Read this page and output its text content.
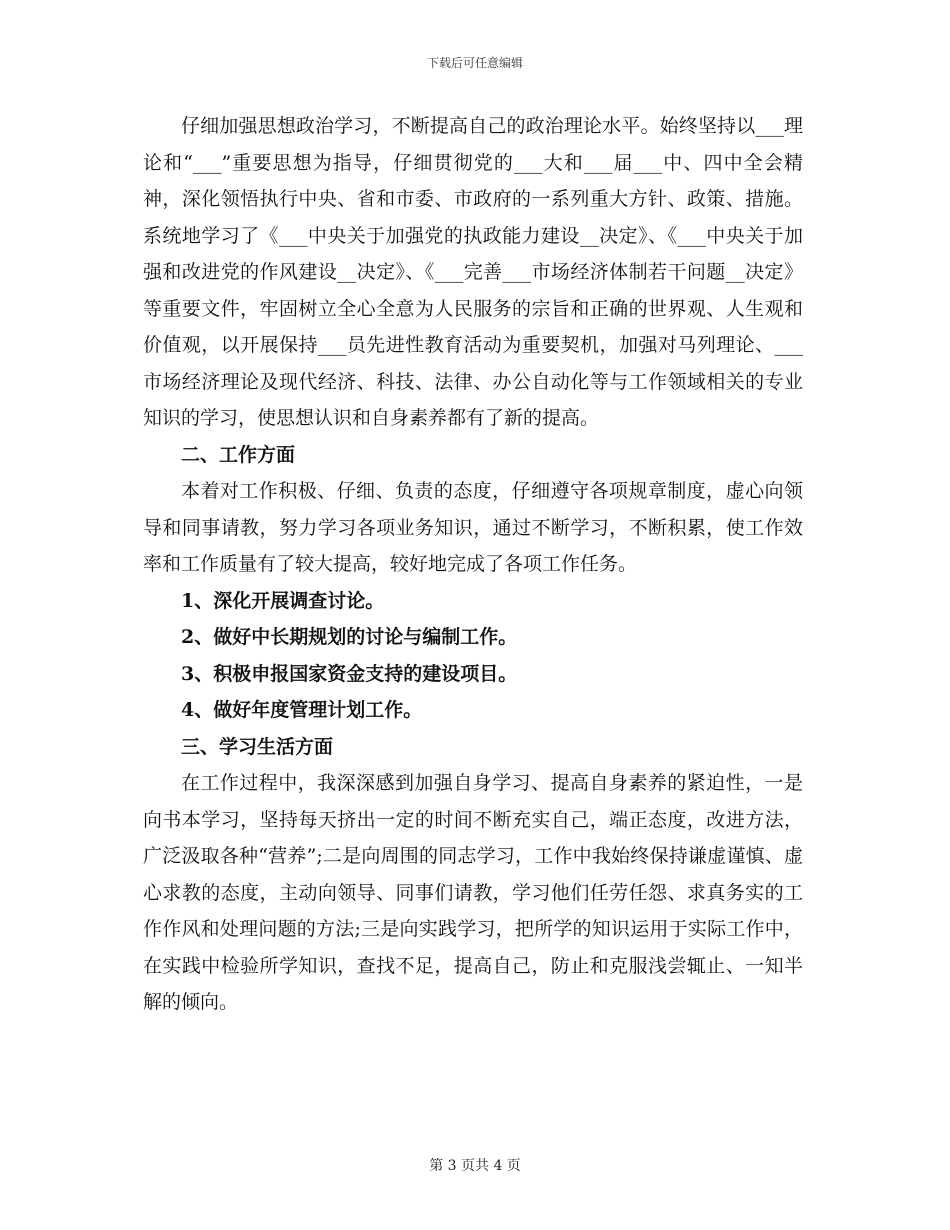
下载后可任意编辑

仔细加强思想政治学习，不断提高自己的政治理论水平。始终坚持以___理论和“___”重要思想为指导，仔细贯彻党的___大和___届___中、四中全会精神，深化领悟执行中央、省和市委、市政府的一系列重大方针、政策、措施。系统地学习了《___中央关于加强党的执政能力建设__决定》、《___中央关于加强和改进党的作风建设__决定》、《___完善___市场经济体制若干问题__决定》等重要文件，牢固树立全心全意为人民服务的宗旨和正确的世界观、人生观和价值观，以开展保持___员先进性教育活动为重要契机，加强对马列理论、___市场经济理论及现代经济、科技、法律、办公自动化等与工作领域相关的专业知识的学习，使思想认识和自身素养都有了新的提高。

二、工作方面

本着对工作积极、仔细、负责的态度，仔细遵守各项规章制度，虚心向领导和同事请教，努力学习各项业务知识，通过不断学习，不断积累，使工作效率和工作质量有了较大提高，较好地完成了各项工作任务。

1、深化开展调查讨论。

2、做好中长期规划的讨论与编制工作。

3、积极申报国家资金支持的建设项目。

4、做好年度管理计划工作。

三、学习生活方面

在工作过程中，我深深感到加强自身学习、提高自身素养的紧迫性，一是向书本学习，坚持每天挤出一定的时间不断充实自己，端正态度，改进方法，广泛汲取各种“营养”;二是向周围的同志学习，工作中我始终保持谦虚谨慎、虚心求教的态度，主动向领导、同事们请教，学习他们任劳任怨、求真务实的工作作风和处理问题的方法;三是向实践学习，把所学的知识运用于实际工作中，在实践中检验所学知识，查找不足，提高自己，防止和克服浅尝辄止、一知半解的倾向。

第 3 页共 4 页
